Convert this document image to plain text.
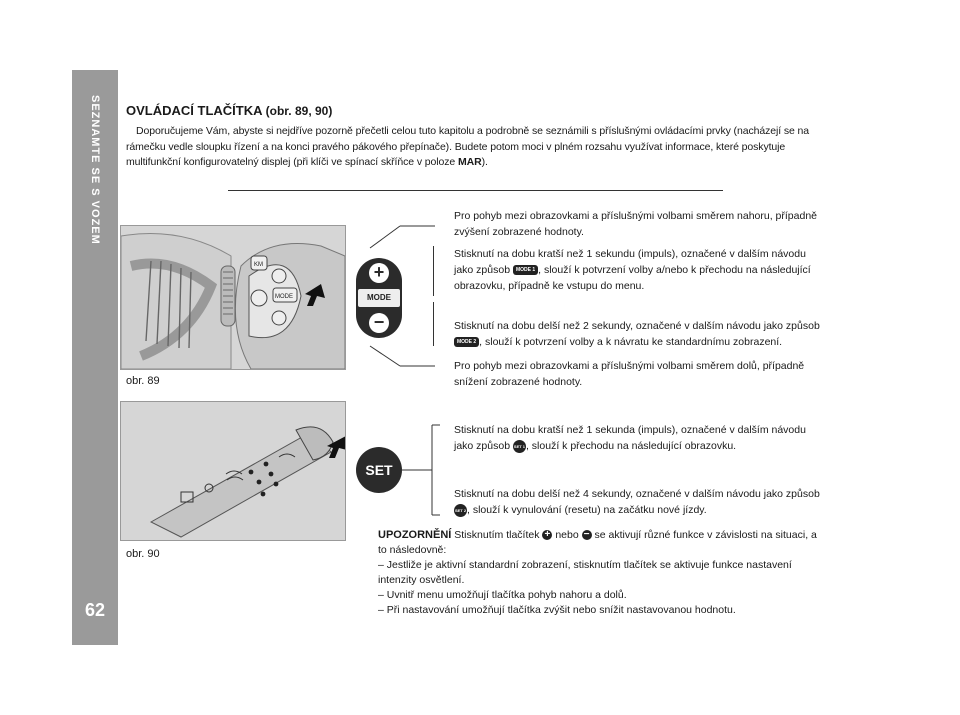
SEZNAMTE SE S VOZEM
62
OVLÁDACÍ TLAČÍTKA (obr. 89, 90)

Doporučujeme Vám, abyste si nejdříve pozorně přečetli celou tuto kapitolu a podrobně se seznámili s příslušnými ovládacími prvky (nacházejí se na rámečku vedle sloupku řízení a na konci pravého pákového přepínače). Budete potom moci v plném rozsahu využívat informace, které poskytuje multifunkční konfigurovatelný displej (při klíči ve spínací skříňce v poloze MAR).

KM
MODE
obr. 89
obr. 90
+
MODE
−
SET
Pro pohyb mezi obrazovkami a příslušnými volbami směrem nahoru, případně zvýšení zobrazené hodnoty.
Stisknutí na dobu kratší než 1 sekundu (impuls), označené v dalším návodu jako způsob MODE 1 , slouží k potvrzení volby a/nebo k přechodu na následující obrazovku, případně ke vstupu do menu.
Stisknutí na dobu delší než 2 sekundy, označené v dalším návodu jako způsob MODE 2 , slouží k potvrzení volby a k návratu ke standardnímu zobrazení.
Pro pohyb mezi obrazovkami a příslušnými volbami směrem dolů, případně snížení zobrazené hodnoty.
Stisknutí na dobu kratší než 1 sekunda (impuls), označené v dalším návodu jako způsob SET 1, slouží k přechodu na následující obrazovku.
Stisknutí na dobu delší než 4 sekundy, označené v dalším návodu jako způsob SET 2, slouží k vynulování (resetu) na začátku nové jízdy.

UPOZORNĚNÍ Stisknutím tlačítek + nebo − se aktivují různé funkce v závislosti na situaci, a to následovně:

– Jestliže je aktivní standardní zobrazení, stisknutím tlačítek se aktivuje funkce nastavení intenzity osvětlení.

– Uvnitř menu umožňují tlačítka pohyb nahoru a dolů.

– Při nastavování umožňují tlačítka zvýšit nebo snížit nastavovanou hodnotu.
